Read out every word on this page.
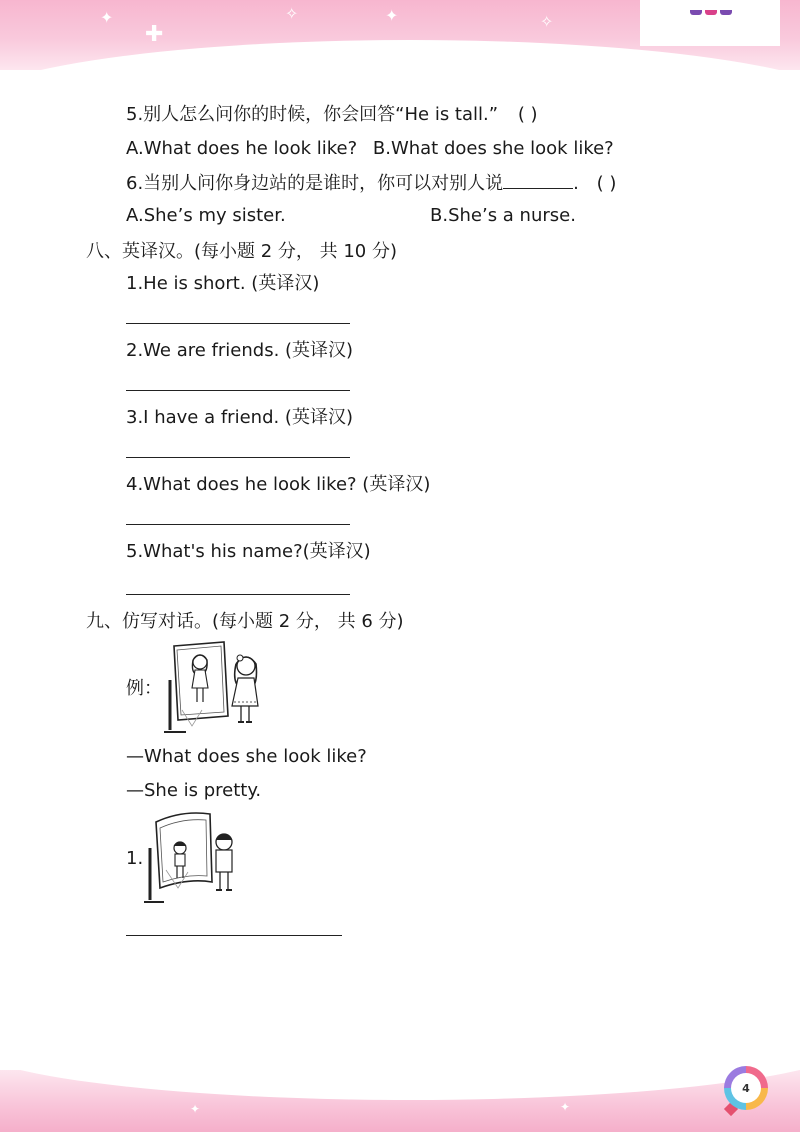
✦
✚
✧	✦	✧
5.别人怎么问你的时候，你会回答“He is tall.” ( )
A.What does he look like? B.What does she look like?
6.当别人问你身边站的是谁时，你可以对别人说	. ( )
A.She’s my sister.	B.She’s a nurse.
八、英译汉。(每小题 2 分， 共 10 分)
1.He is short. (英译汉)
2.We are friends. (英译汉)
3.I have a friend. (英译汉)
4.What does he look like? (英译汉)
5.What's his name?(英译汉)
九、仿写对话。(每小题 2 分， 共 6 分)
例：
—What does she look like?
—She is pretty.
1.
✦	✦
4
